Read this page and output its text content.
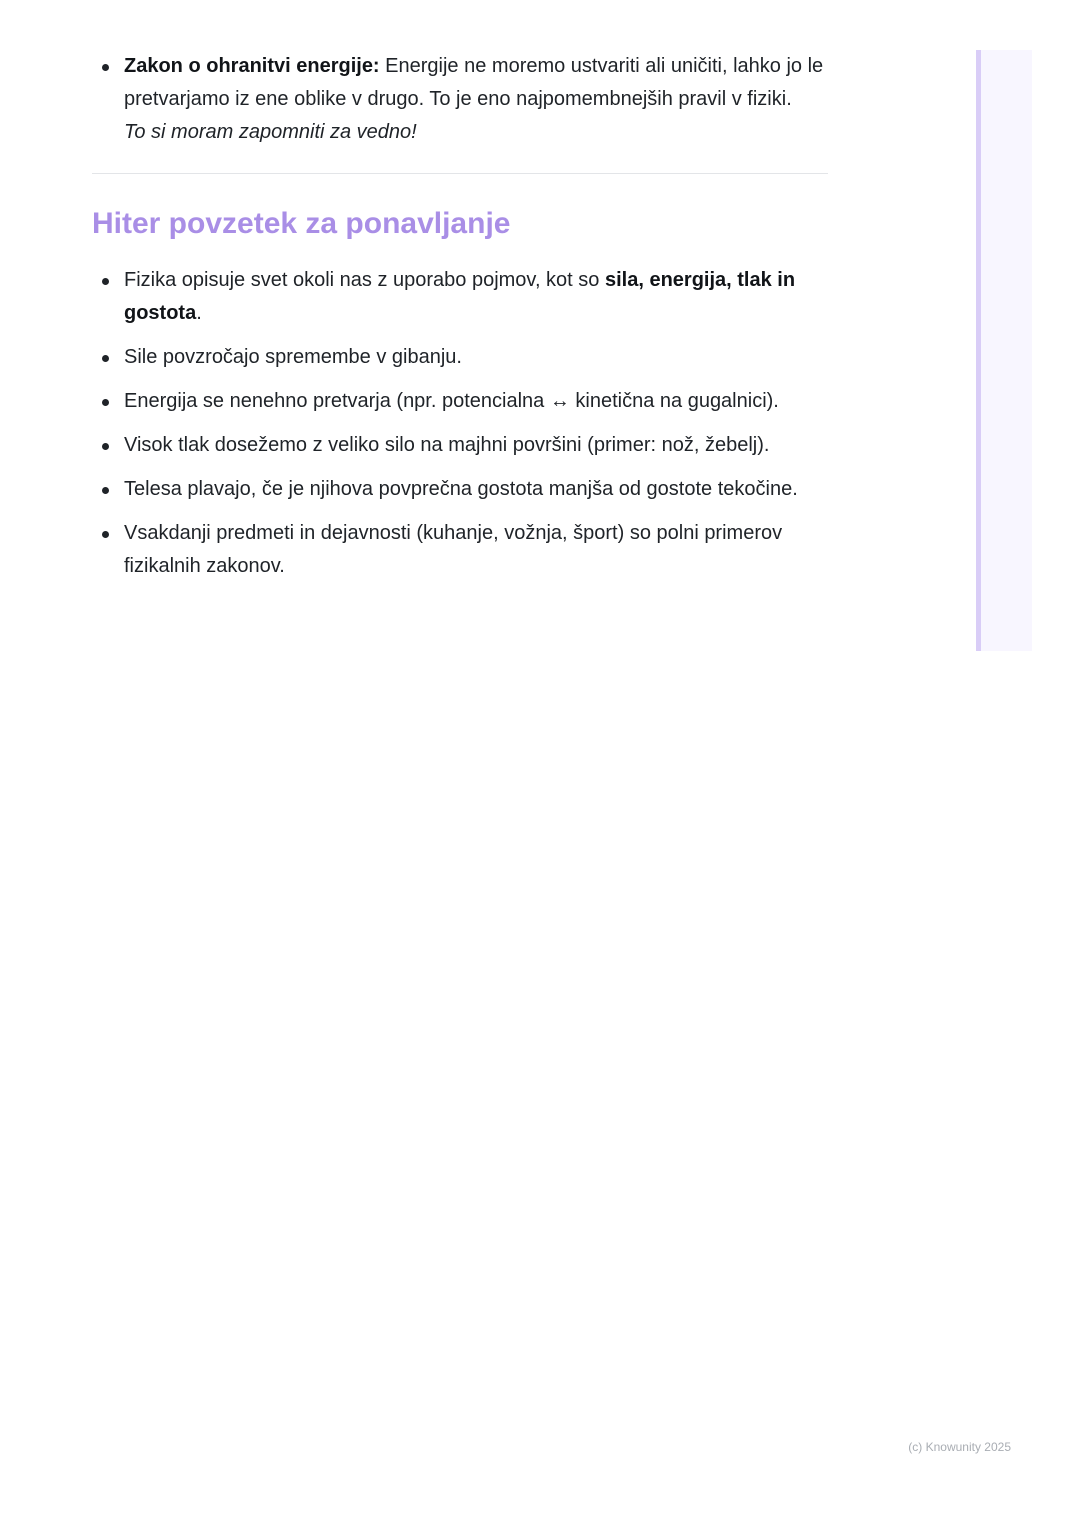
Zakon o ohranitvi energije: Energije ne moremo ustvariti ali uničiti, lahko jo le pretvarjamo iz ene oblike v drugo. To je eno najpomembnejših pravil v fiziki.
To si moram zapomniti za vedno!
Hiter povzetek za ponavljanje
Fizika opisuje svet okoli nas z uporabo pojmov, kot so sila, energija, tlak in gostota.
Sile povzročajo spremembe v gibanju.
Energija se nenehno pretvarja (npr. potencialna ↔ kinetična na gugalnici).
Visok tlak dosežemo z veliko silo na majhni površini (primer: nož, žebelj).
Telesa plavajo, če je njihova povprečna gostota manjša od gostote tekočine.
Vsakdanji predmeti in dejavnosti (kuhanje, vožnja, šport) so polni primerov fizikalnih zakonov.
(c) Knowunity 2025
